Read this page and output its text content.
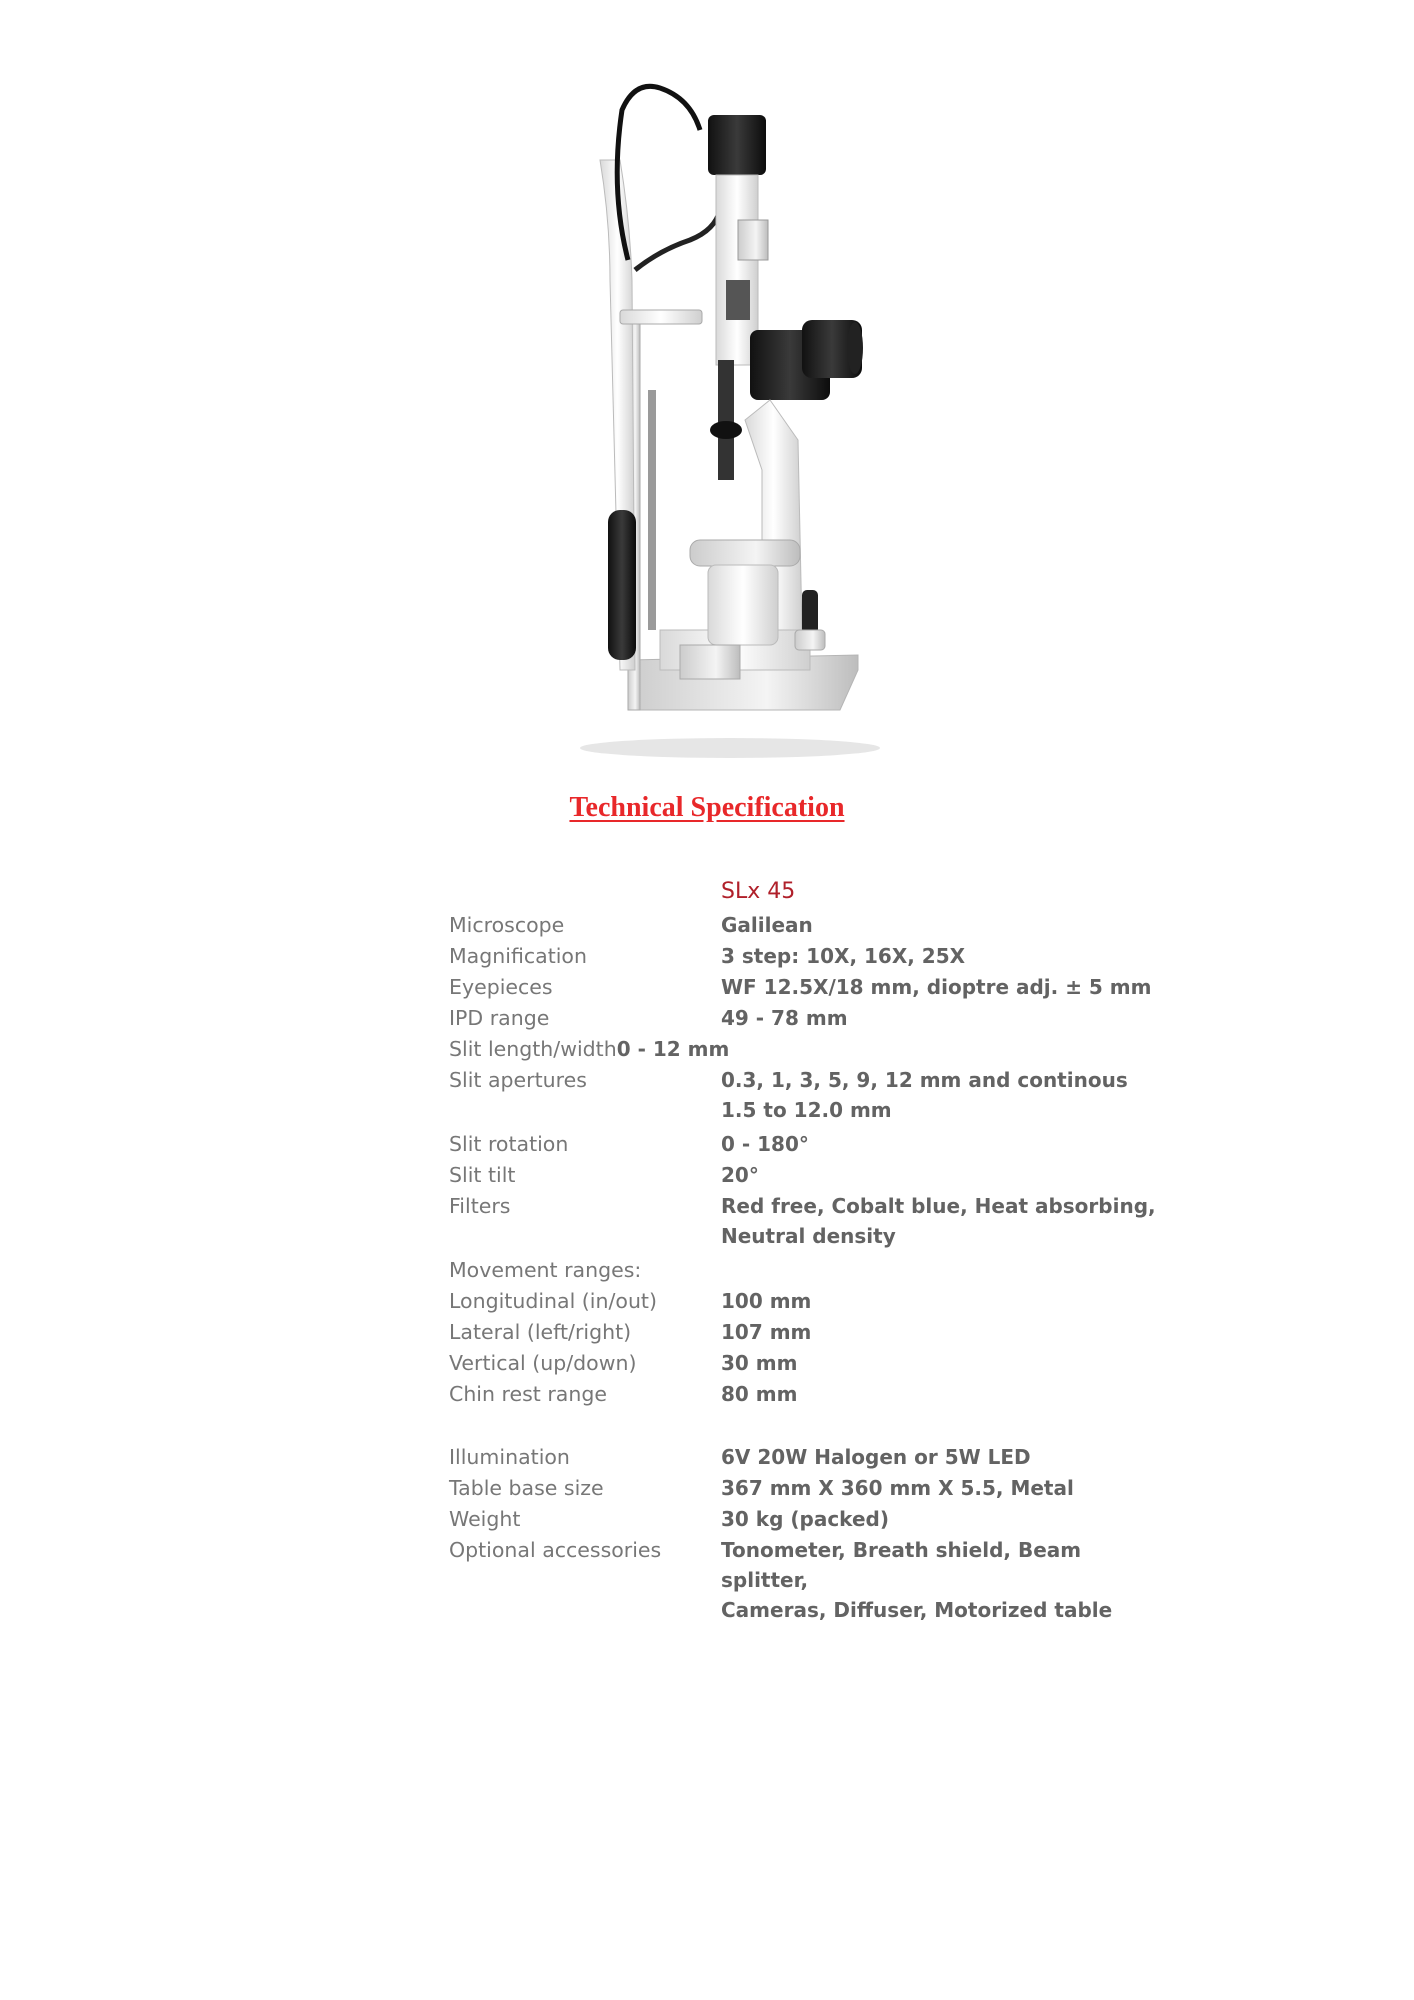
Technical Specification
SLx 45
Microscope	Galilean
Magnification	3 step: 10X, 16X, 25X
Eyepieces	WF 12.5X/18 mm, dioptre adj. ± 5 mm
IPD range	49 - 78 mm
Slit length/width 0 - 12 mm
Slit apertures	0.3, 1, 3, 5, 9, 12 mm and continous
1.5 to 12.0 mm
Slit rotation	0 - 180°
Slit tilt	20°
Filters	Red free, Cobalt blue, Heat absorbing,
Neutral density
Movement ranges:
Longitudinal (in/out)	100 mm
Lateral (left/right)	107 mm
Vertical (up/down)	30 mm
Chin rest range	80 mm
Illumination	6V 20W Halogen or 5W LED
Table base size	367 mm X 360 mm X 5.5, Metal
Weight	30 kg (packed)
Optional accessories	Tonometer, Breath shield, Beam splitter,
Cameras, Diffuser, Motorized table
